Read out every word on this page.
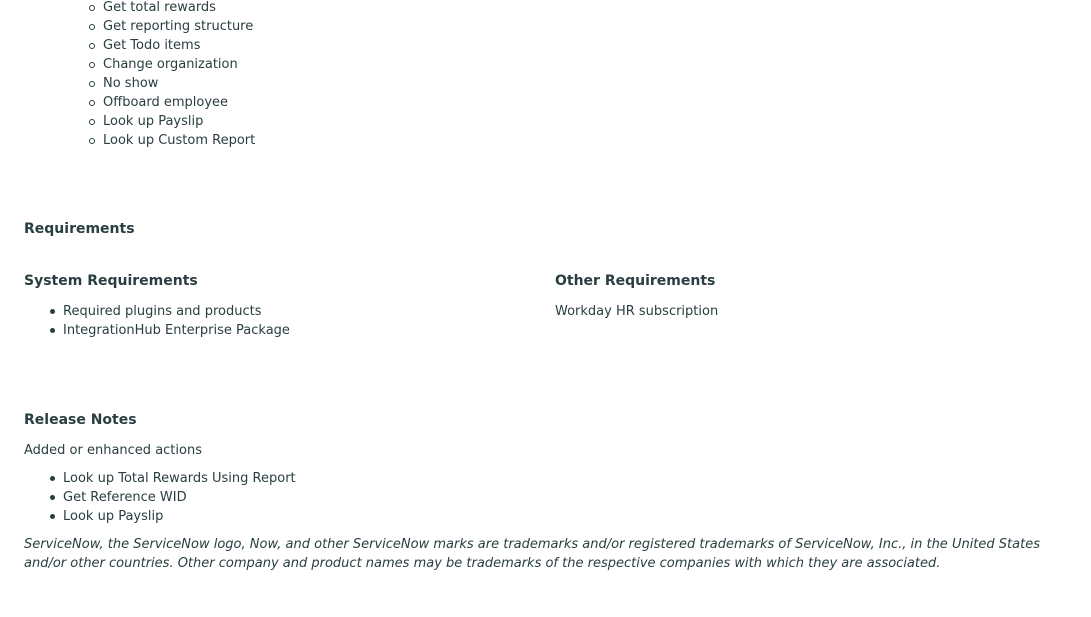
Get total rewards
Get reporting structure
Get Todo items
Change organization
No show
Offboard employee
Look up Payslip
Look up Custom Report
Requirements
System Requirements
Required plugins and products
IntegrationHub Enterprise Package
Other Requirements

Workday HR subscription

Release Notes

Added or enhanced actions

Look up Total Rewards Using Report
Get Reference WID
Look up Payslip

ServiceNow, the ServiceNow logo, Now, and other ServiceNow marks are trademarks and/or registered trademarks of ServiceNow, Inc., in the United States and/or other countries. Other company and product names may be trademarks of the respective companies with which they are associated.
